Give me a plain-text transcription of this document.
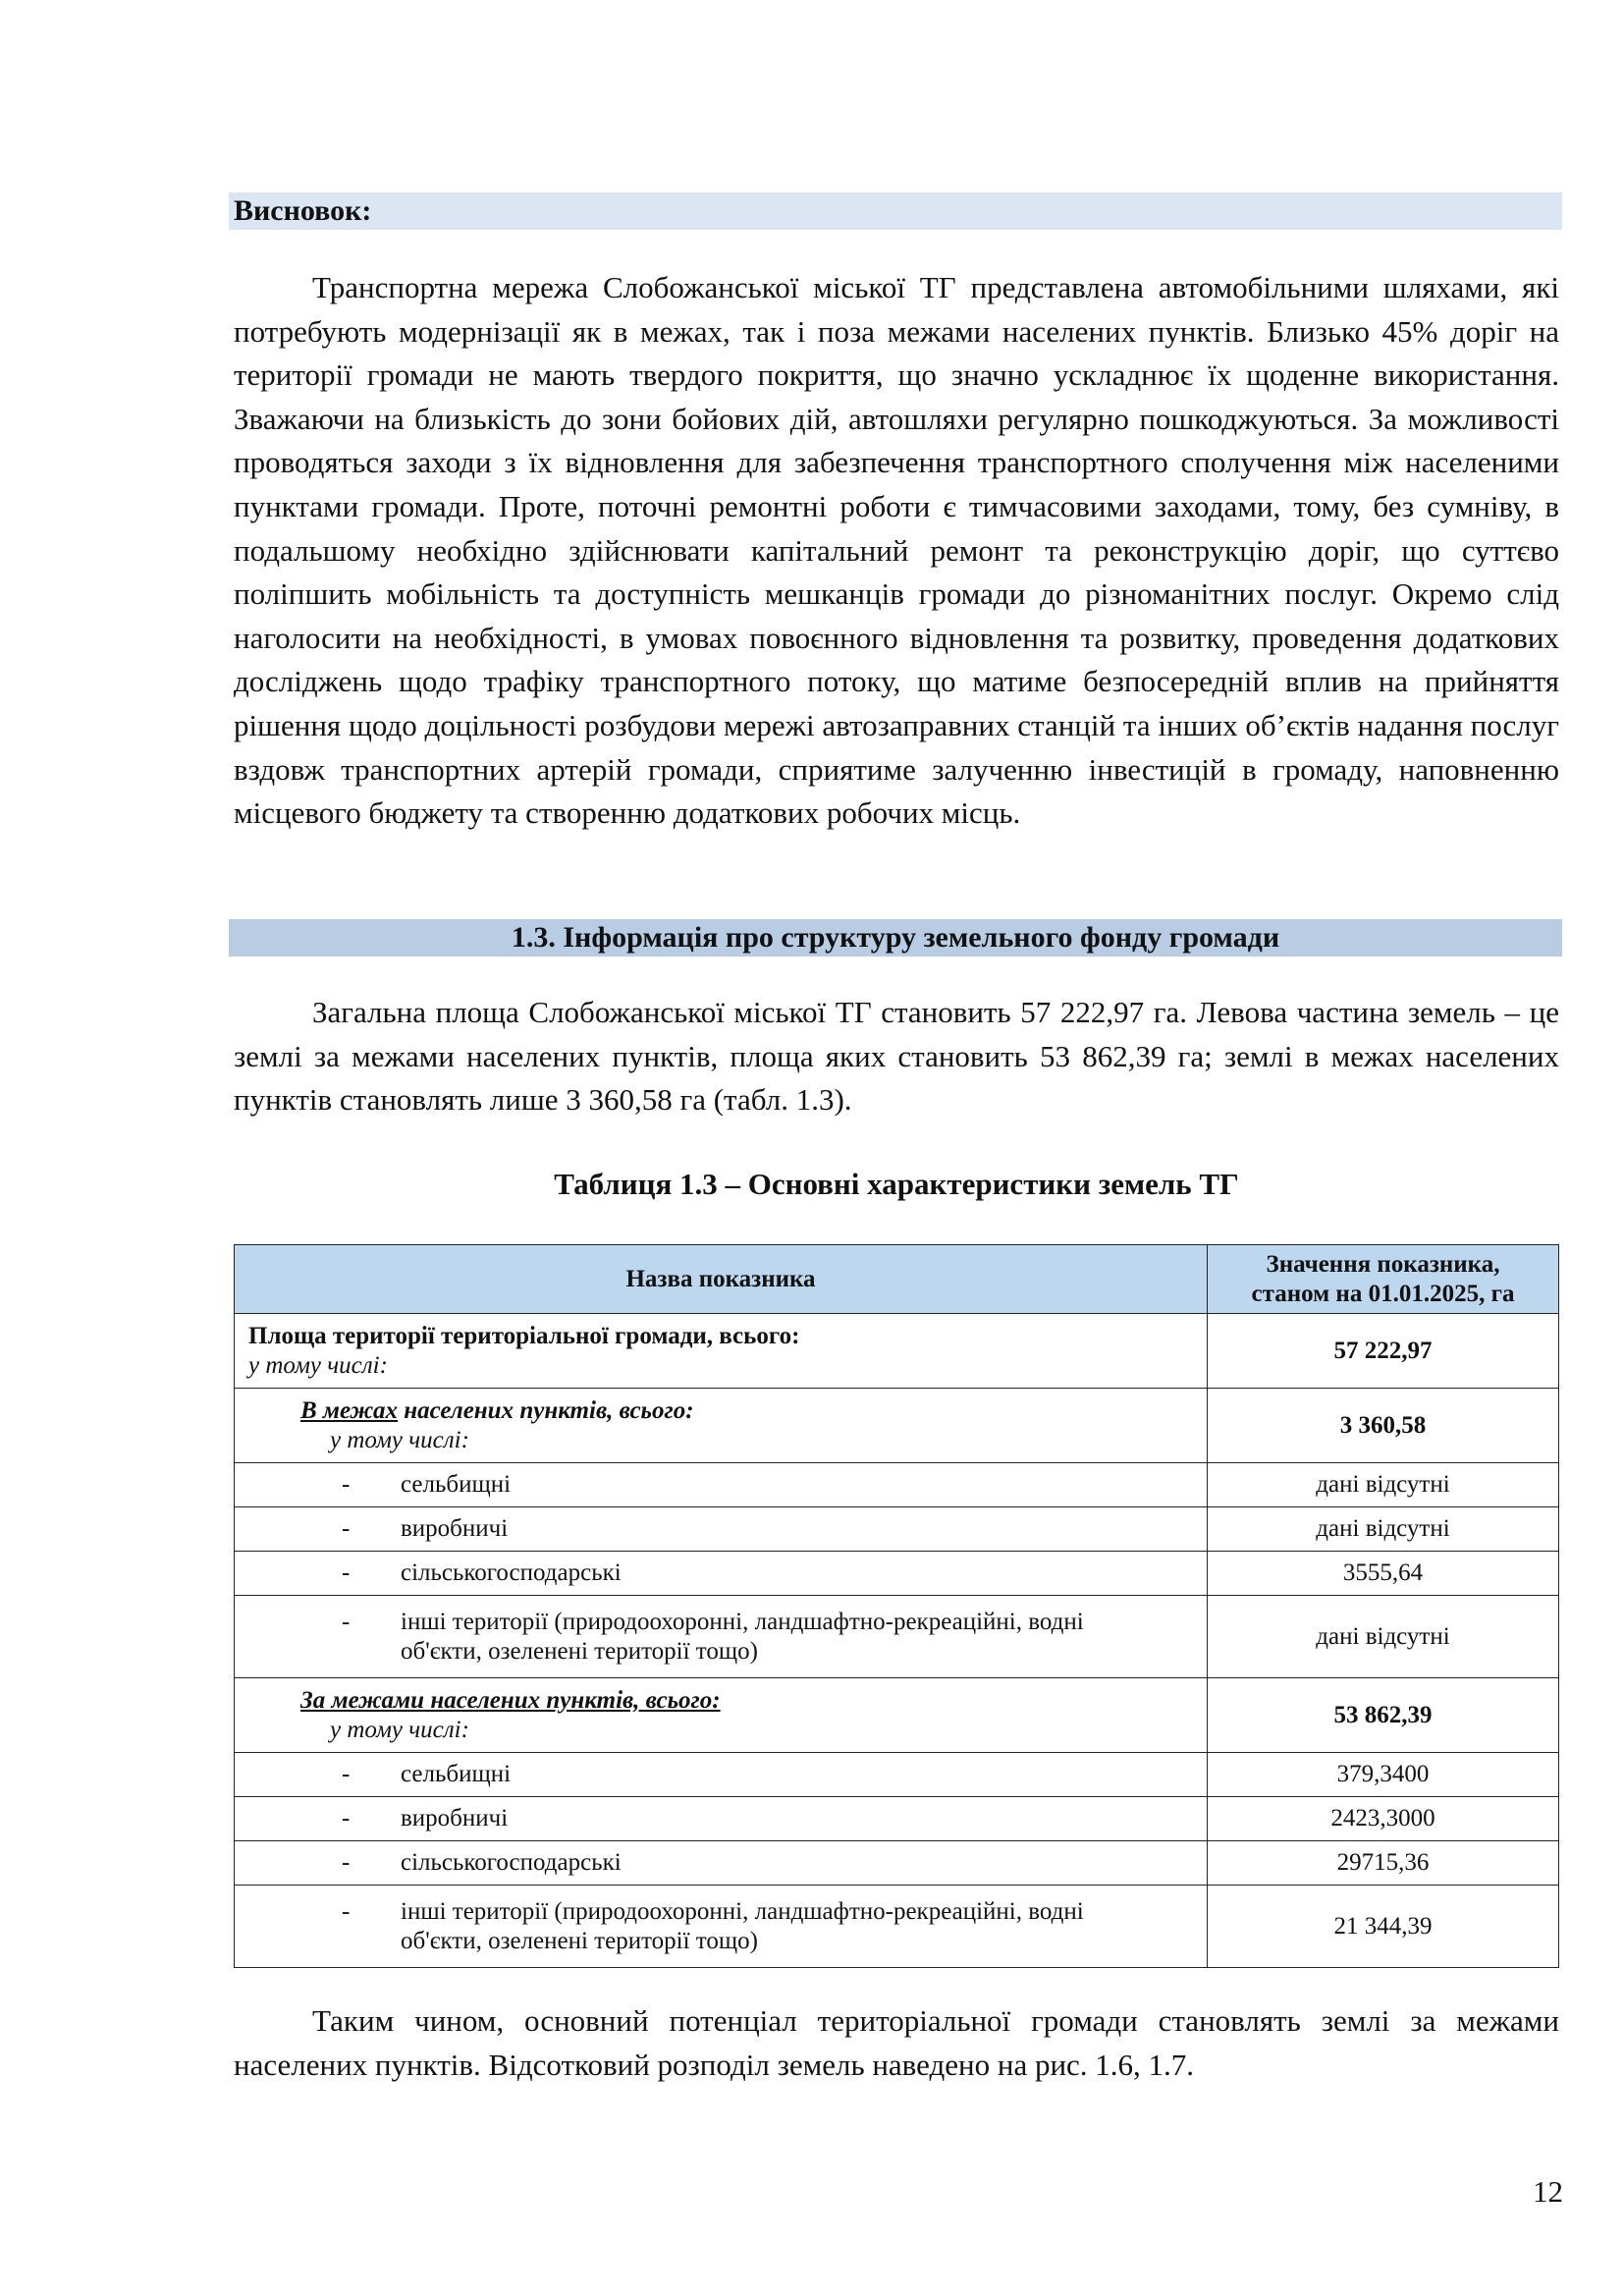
Висновок:

Транспортна мережа Слобожанської міської ТГ представлена автомобільними шляхами, які потребують модернізації як в межах, так і поза межами населених пунктів. Близько 45% доріг на території громади не мають твердого покриття, що значно ускладнює їх щоденне використання. Зважаючи на близькість до зони бойових дій, автошляхи регулярно пошкоджуються. За можливості проводяться заходи з їх відновлення для забезпечення транспортного сполучення між населеними пунктами громади. Проте, поточні ремонтні роботи є тимчасовими заходами, тому, без сумніву, в подальшому необхідно здійснювати капітальний ремонт та реконструкцію доріг, що суттєво поліпшить мобільність та доступність мешканців громади до різноманітних послуг. Окремо слід наголосити на необхідності, в умовах повоєнного відновлення та розвитку, проведення додаткових досліджень щодо трафіку транспортного потоку, що матиме безпосередній вплив на прийняття рішення щодо доцільності розбудови мережі автозаправних станцій та інших об’єктів надання послуг вздовж транспортних артерій громади, сприятиме залученню інвестицій в громаду, наповненню місцевого бюджету та створенню додаткових робочих місць.

1.3. Інформація про структуру земельного фонду громади

Загальна площа Слобожанської міської ТГ становить 57 222,97 га. Левова частина земель – це землі за межами населених пунктів, площа яких становить 53 862,39 га; землі в межах населених пунктів становлять лише 3 360,58 га (табл. 1.3).

Таблиця 1.3 – Основні характеристики земель ТГ
Назва показника	Значення показника,
станом на 01.01.2025, га

Площа території територіальної громади, всього:
у тому числі:	57 222,97

В межах населених пунктів, всього:
у тому числі:	3 360,58
- сельбищні	дані відсутні
- виробничі	дані відсутні
- сільськогосподарські	3555,64

- інші території (природоохоронні, ландшафтно-рекреаційні, водні
об'єкти, озеленені території тощо)	дані відсутні

За межами населених пунктів, всього:
у тому числі:	53 862,39
- сельбищні	379,3400
- виробничі	2423,3000
- сільськогосподарські	29715,36

- інші території (природоохоронні, ландшафтно-рекреаційні, водні
об'єкти, озеленені території тощо)	21 344,39

Таким чином, основний потенціал територіальної громади становлять землі за межами населених пунктів. Відсотковий розподіл земель наведено на рис. 1.6, 1.7.

12
